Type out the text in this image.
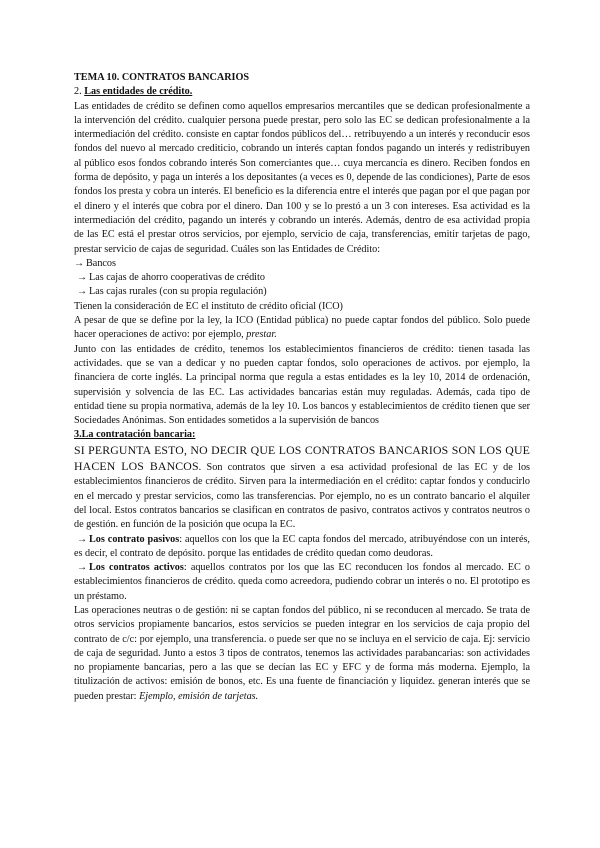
TEMA 10. CONTRATOS BANCARIOS

2. Las entidades de crédito.

Las entidades de crédito se definen como aquellos empresarios mercantiles que se dedican profesionalmente a la intervención del crédito. cualquier persona puede prestar, pero solo las EC se dedican profesionalmente a la intermediación del crédito. consiste en captar fondos públicos del… retribuyendo a un interés y reconducir esos fondos del nuevo al mercado crediticio, cobrando un interés captan fondos pagando un interés y redistribuyen al público esos fondos cobrando interés Son comerciantes que… cuya mercancía es dinero. Reciben fondos en forma de depósito, y paga un interés a los depositantes (a veces es 0, depende de las condiciones), Parte de esos fondos los presta y cobra un interés. El beneficio es la diferencia entre el interés que pagan por el que pagan por el dinero y el interés que cobra por el dinero. Dan 100 y se lo prestó a un 3 con intereses. Esa actividad es la intermediación del crédito, pagando un interés y cobrando un interés. Además, dentro de esa actividad propia de las EC está el prestar otros servicios, por ejemplo, servicio de caja, transferencias, emitir tarjetas de pago, prestar servicio de cajas de seguridad. Cuáles son las Entidades de Crédito:

→ Bancos
→ Las cajas de ahorro cooperativas de crédito
→ Las cajas rurales (con su propia regulación)

Tienen la consideración de EC el instituto de crédito oficial (ICO)

A pesar de que se define por la ley, la ICO (Entidad pública) no puede captar fondos del público. Solo puede hacer operaciones de activo: por ejemplo, prestar.

Junto con las entidades de crédito, tenemos los establecimientos financieros de crédito: tienen tasada las actividades. que se van a dedicar y no pueden captar fondos, solo operaciones de activos. por ejemplo, la financiera de corte inglés. La principal norma que regula a estas entidades es la ley 10, 2014 de ordenación, supervisión y solvencia de las EC. Las actividades bancarias están muy reguladas. Además, cada tipo de entidad tiene su propia normativa, además de la ley 10. Los bancos y establecimientos de crédito tienen que ser Sociedades Anónimas. Son entidades sometidos a la supervisión de bancos

3.La contratación bancaria:

SI PERGUNTA ESTO, NO DECIR QUE LOS CONTRATOS BANCARIOS SON LOS QUE HACEN LOS BANCOS. Son contratos que sirven a esa actividad profesional de las EC y de los establecimientos financieros de crédito. Sirven para la intermediación en el crédito: captar fondos y conducirlo en el mercado y prestar servicios, como las transferencias. Por ejemplo, no es un contrato bancario el alquiler del local. Estos contratos bancarios se clasifican en contratos de pasivo, contratos activos y contratos neutros o de gestión. en función de la posición que ocupa la EC.

→ Los contrato pasivos: aquellos con los que la EC capta fondos del mercado, atribuyéndose con un interés, es decir, el contrato de depósito. porque las entidades de crédito quedan como deudoras.

→ Los contratos activos: aquellos contratos por los que las EC reconducen los fondos al mercado. EC o establecimientos financieros de crédito. queda como acreedora, pudiendo cobrar un interés o no. El prototipo es un préstamo.

Las operaciones neutras o de gestión: ni se captan fondos del público, ni se reconducen al mercado. Se trata de otros servicios propiamente bancarios, estos servicios se pueden integrar en los servicios de caja propio del contrato de c/c: por ejemplo, una transferencia. o puede ser que no se incluya en el servicio de caja. Ej: servicio de caja de seguridad. Junto a estos 3 tipos de contratos, tenemos las actividades parabancarias: son actividades no propiamente bancarias, pero a las que se decían las EC y EFC y de forma más moderna. Ejemplo, la titulización de activos: emisión de bonos, etc. Es una fuente de financiación y liquidez. generan interés que se pueden prestar: Ejemplo, emisión de tarjetas.
